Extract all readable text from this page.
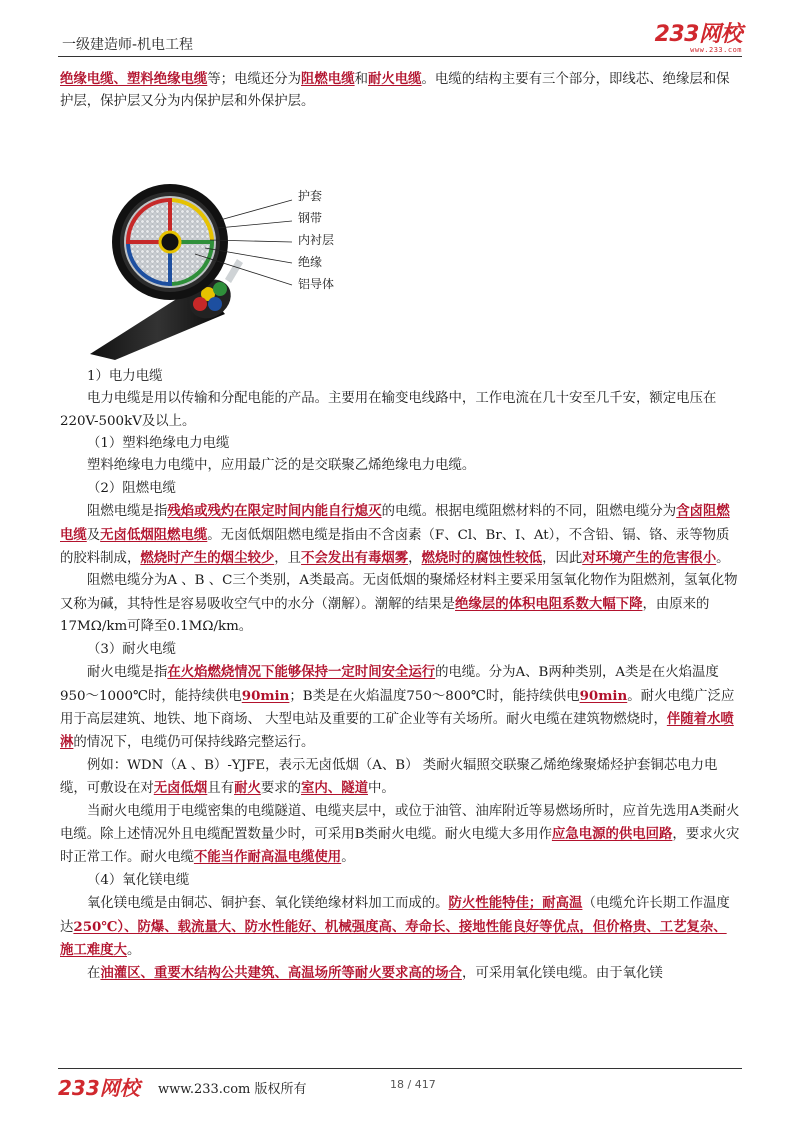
一级建造师-机电工程	233网校
www.233.com

绝缘电缆、塑料绝缘电缆等；电缆还分为阻燃电缆和耐火电缆。电缆的结构主要有三个部分，即线芯、绝缘层和保护层，保护层又分为内保护层和外保护层。

护套
钢带
内衬层
绝缘
铝导体

1）电力电缆

电力电缆是用以传输和分配电能的产品。主要用在输变电线路中，工作电流在几十安至几千安，额定电压在220V-500kV及以上。

（1）塑料绝缘电力电缆

塑料绝缘电力电缆中，应用最广泛的是交联聚乙烯绝缘电力电缆。

（2）阻燃电缆

阻燃电缆是指残焰或残灼在限定时间内能自行熄灭的电缆。根据电缆阻燃材料的不同，阻燃电缆分为含卤阻燃电缆及无卤低烟阻燃电缆。无卤低烟阻燃电缆是指由不含卤素（F、Cl、Br、I、At），不含铅、镉、铬、汞等物质的胶料制成，燃烧时产生的烟尘较少，且不会发出有毒烟雾，燃烧时的腐蚀性较低，因此对环境产生的危害很小。

阻燃电缆分为A 、B 、C三个类别，A类最高。无卤低烟的聚烯烃材料主要采用氢氧化物作为阻燃剂，氢氧化物又称为碱，其特性是容易吸收空气中的水分（潮解）。潮解的结果是绝缘层的体积电阻系数大幅下降，由原来的17MΩ/km可降至0.1MΩ/km。

（3）耐火电缆

耐火电缆是指在火焰燃烧情况下能够保持一定时间安全运行的电缆。分为A、B两种类别，A类是在火焰温度950～1000℃时，能持续供电90min；B类是在火焰温度750～800℃时，能持续供电90min。耐火电缆广泛应用于高层建筑、地铁、地下商场、 大型电站及重要的工矿企业等有关场所。耐火电缆在建筑物燃烧时，伴随着水喷淋的情况下，电缆仍可保持线路完整运行。

例如：WDN（A 、B）-YJFE，表示无卤低烟（A、B） 类耐火辐照交联聚乙烯绝缘聚烯烃护套铜芯电力电缆，可敷设在对无卤低烟且有耐火要求的室内、隧道中。

当耐火电缆用于电缆密集的电缆隧道、电缆夹层中，或位于油管、油库附近等易燃场所时，应首先选用A类耐火电缆。除上述情况外且电缆配置数量少时，可采用B类耐火电缆。耐火电缆大多用作应急电源的供电回路，要求火灾时正常工作。耐火电缆不能当作耐高温电缆使用。

（4）氧化镁电缆

氧化镁电缆是由铜芯、铜护套、氧化镁绝缘材料加工而成的。防火性能特佳；耐高温（电缆允许长期工作温度达250℃）、防爆、载流量大、防水性能好、机械强度高、寿命长、接地性能良好等优点，但价格贵、工艺复杂、施工难度大。

在油灌区、重要木结构公共建筑、高温场所等耐火要求高的场合，可采用氧化镁电缆。由于氧化镁

233网校 www.233.com 版权所有	18 / 417
